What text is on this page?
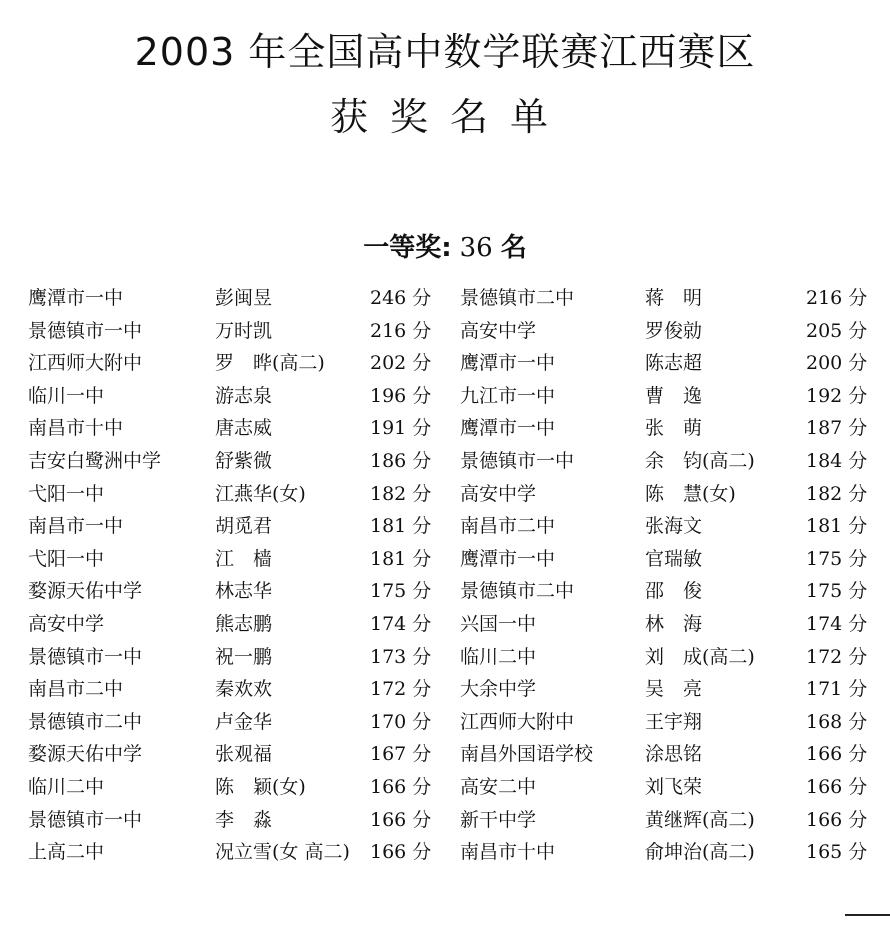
2003 年全国高中数学联赛江西赛区
获奖名单
一等奖: 36 名
鹰潭市一中	彭闽昱	246 分 景德镇市二中	蒋　明	216 分
景德镇市一中	万时凯	216 分 高安中学	罗俊勍	205 分
江西师大附中	罗　晔(高二) 202 分 鹰潭市一中	陈志超	200 分
临川一中	游志泉	196 分 九江市一中	曹　逸	192 分
南昌市十中	唐志威	191 分 鹰潭市一中	张　萌	187 分
吉安白鹭洲中学	舒紫微	186 分 景德镇市一中	余　钧(高二)	184 分
弋阳一中	江燕华(女)	182 分 高安中学	陈　慧(女)	182 分
南昌市一中	胡觅君	181 分 南昌市二中	张海文	181 分
弋阳一中	江　樯	181 分 鹰潭市一中	官瑞敏	175 分
婺源天佑中学	林志华	175 分 景德镇市二中	邵　俊	175 分
高安中学	熊志鹏	174 分 兴国一中	林　海	174 分
景德镇市一中	祝一鹏	173 分 临川二中	刘　成(高二)	172 分
南昌市二中	秦欢欢	172 分 大余中学	吴　亮	171 分
景德镇市二中	卢金华	170 分 江西师大附中	王宇翔	168 分
婺源天佑中学	张观福	167 分 南昌外国语学校	涂思铭	166 分
临川二中	陈　颖(女)	166 分 高安二中	刘飞荣	166 分
景德镇市一中	李　淼	166 分 新干中学	黄继辉(高二)	166 分
上高二中	况立雪(女 高二) 166 分 南昌市十中	俞坤治(高二)	165 分
